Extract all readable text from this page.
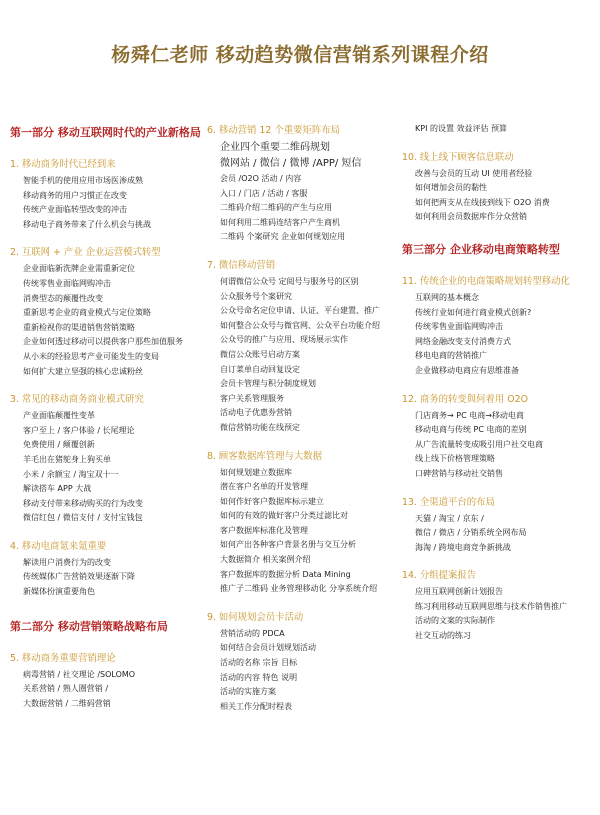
杨舜仁老师 移动趋势微信营销系列课程介绍
第一部分 移动互联网时代的产业新格局
1. 移动商务时代已经到来
智能手机的使用应用市场医渗成熟
移动商务的用户习惯正在改变
传统产业面临转型改变的冲击
移动电子商务带来了什么机会与挑战
2. 互联网 + 产业 企业运营模式转型
企业面临新洗牌企业需重新定位
传统零售业面临网购冲击
消费型态的颠覆性改变
重新思考企业的商业模式与定位策略
重新检视你的渠道销售营销策略
企业如何透过移动可以提供客户那些加值服务
从小米的经验思考产业可能发生的变局
如何扩大建立坚强的核心忠诚粉丝
3. 常见的移动商务商业模式研究
产业面临颠覆性变革
客户至上 / 客户体验 / 长尾理论
免费使用 / 颠覆创新
羊毛出在猪鸵身上狗买单
小米 / 余额宝 / 淘宝双十一
解读搭车 APP 大战
移动支付带来移动购买的行为改变
微信红包 / 微信支付 / 支付宝钱包
4. 移动电商氪来氪重要
解读用户消费行为的改变
传统媒体广告营销效果逐渐下降
新媒体扮演重要角色
第二部分 移动营销策略战略布局
5. 移动商务重要营销理论
病毒营销 / 社交理论 /SOLOMO
关系营销 / 熟人圈营销 /
大数据营销 / 二维码营销
6. 移动营销 12 个重要矩阵布局
企业四个重要二维码规划
微网站 / 微信 / 微博 /APP/ 短信
会员 /O2O 活动 / 内容
入口 / 门店 / 活动 / 客服
二维码介绍二维码的产生与应用
如何利用二维码连结客户产生商机
二维码 个案研究 企业如何规划应用
7. 微信移动营销
何谓微信公众号 定阅号与服务号的区别
公众服务号个案研究
公众号命名定位申请、认证、平台建置、推广
如何整合公众号与微官网、公众平台功能介绍
公众号的推广与应用、现场展示实作
微信公众账号启动方案
自订菜单自动回复设定
会员卡管理与积分制度规划
客户关系管理服务
活动电子优惠券营销
微信营销功能在线预定
8. 顾客数据库管理与大数据
如何规划建立数据库
潜在客户名单的开发管理
如何作好客户数据库标示建立
如何的有效的做好客户分类过滤比对
客户数据库标准化及管理
如何产出各种客户背景名册与交互分析
大数据简介 相关案例介绍
客户数据库的数据分析 Data Mining
推广子二维码 业务管理移动化 分享系统介绍
9. 如何规划会员卡活动
营销活动的 PDCA
如何结合会员计划规划活动
活动的名称 宗旨 目标
活动的内容 特色 说明
活动的实施方案
相关工作分配时程表
KPI 的设置 效益评估 预算
10. 线上线下顾客信息联动
改善与会员的互动 UI 使用者经验
如何增加会员的黏性
如何把两支从在线接到线下 O2O 消费
如何利用会员数据库作分众营销
第三部分 企业移动电商策略转型
11. 传统企业的电商策略规划转型移动化
互联网的基本概念
传统行业如何进行商业模式创新?
传统零售业面临网购冲击
网络金融改变支付消费方式
移电电商的营销推广
企业做移动电商应有思维准备
12. 商务的转变與何着用 O2O
门店商务→ PC 电商→移动电商
移动电商与传统 PC 电商的差别
从广告流量转变成吸引用户社交电商
线上线下价格管理策略
口碑营销与移动社交销售
13. 全渠道平台的布局
天猫 / 淘宝 / 京东 /
微信 / 微店 / 分销系统全网布局
海淘 / 跨境电商竞争新挑战
14. 分组提案报告
应用互联网创新计划报告
练习利用移动互联网思维与技术作销售推广
活动的文案的实际制作
社交互动的练习
